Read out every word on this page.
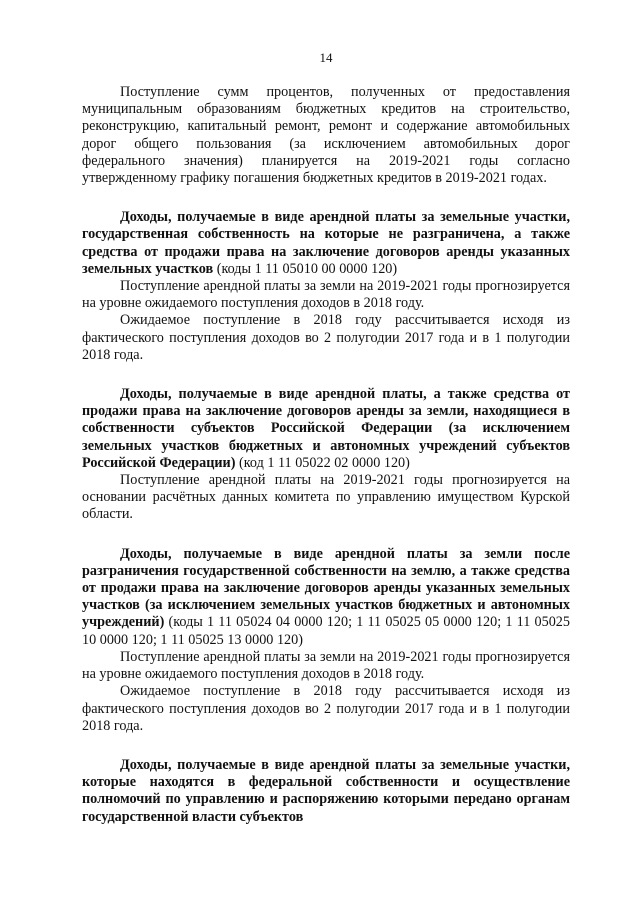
14

Поступление сумм процентов, полученных от предоставления муниципальным образованиям бюджетных кредитов на строительство, реконструкцию, капитальный ремонт, ремонт и содержание автомобильных дорог общего пользования (за исключением автомобильных дорог федерального значения) планируется на 2019-2021 годы согласно утвержденному графику погашения бюджетных кредитов в 2019-2021 годах.

Доходы, получаемые в виде арендной платы за земельные участки, государственная собственность на которые не разграничена, а также средства от продажи права на заключение договоров аренды указанных земельных участков (коды 1 11 05010 00 0000 120)

Поступление арендной платы за земли на 2019-2021 годы прогнозируется на уровне ожидаемого поступления доходов в 2018 году.

Ожидаемое поступление в 2018 году рассчитывается исходя из фактического поступления доходов во 2 полугодии 2017 года и в 1 полугодии 2018 года.

Доходы, получаемые в виде арендной платы, а также средства от продажи права на заключение договоров аренды за земли, находящиеся в собственности субъектов Российской Федерации (за исключением земельных участков бюджетных и автономных учреждений субъектов Российской Федерации) (код 1 11 05022 02 0000 120)

Поступление арендной платы на 2019-2021 годы прогнозируется на основании расчётных данных комитета по управлению имуществом Курской области.

Доходы, получаемые в виде арендной платы за земли после разграничения государственной собственности на землю, а также средства от продажи права на заключение договоров аренды указанных земельных участков (за исключением земельных участков бюджетных и автономных учреждений) (коды 1 11 05024 04 0000 120; 1 11 05025 05 0000 120; 1 11 05025 10 0000 120; 1 11 05025 13 0000 120)

Поступление арендной платы за земли на 2019-2021 годы прогнозируется на уровне ожидаемого поступления доходов в 2018 году.

Ожидаемое поступление в 2018 году рассчитывается исходя из фактического поступления доходов во 2 полугодии 2017 года и в 1 полугодии 2018 года.

Доходы, получаемые в виде арендной платы за земельные участки, которые находятся в федеральной собственности и осуществление полномочий по управлению и распоряжению которыми передано органам государственной власти субъектов
